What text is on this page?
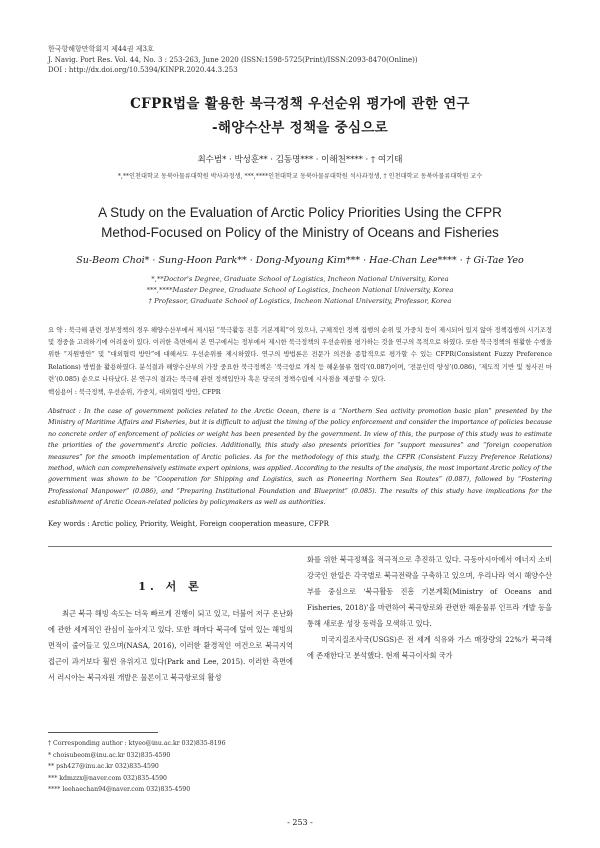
한국항해항만학회지 제44권 제3호
J. Navig. Port Res. Vol. 44, No. 3 : 253-263, June 2020 (ISSN:1598-5725(Print)/ISSN:2093-8470(Online))
DOI : http://dx.doi.org/10.5394/KINPR.2020.44.3.253
CFPR법을 활용한 북극정책 우선순위 평가에 관한 연구
-해양수산부 정책을 중심으로
최수범* · 박성훈** · 김동명*** · 이해천**** · † 여기태
*,**인천대학교 동북아물류대학원 박사과정생, ***,****인천대학교 동북아물류대학원 석사과정생, † 인천대학교 동북아물류대학원 교수
A Study on the Evaluation of Arctic Policy Priorities Using the CFPR
Method-Focused on Policy of the Ministry of Oceans and Fisheries
Su-Beom Choi* · Sung-Hoon Park** · Dong-Myoung Kim*** · Hae-Chan Lee**** · † Gi-Tae Yeo
*,**Doctor's Degree, Graduate School of Logistics, Incheon National University, Korea
***,****Master Degree, Graduate School of Logistics, Incheon National University, Korea
† Professor, Graduate School of Logistics, Incheon National University, Professor, Korea
요 약 : 북극해 관련 정부정책의 경우 해양수산부에서 제시된 “북극활동 진흥 기본계획”이 있으나, 구체적인 정책 집행의 순위 및 가중치 등이 제시되어 있지 않아 정책집행의 시기조정 및 경중을 고려하기에 어려움이 있다. 이러한 측면에서 본 연구에서는 정부에서 제시한 북극정책의 우선순위를 평가하는 것을 연구의 목적으로 하였다. 또한 북극정책의 원활한 수행을 위한 “지원방안” 및 “대외협력 방안”에 대해서도 우선순위를 제시하였다. 연구의 방법론은 전문가 의견을 종합적으로 평가할 수 있는 CFPR(Consistent Fuzzy Preference Relations) 방법을 활용하였다. 분석결과 해양수산부의 가장 중요한 북극정책은 ‘북극항로 개척 등 해운물류 협력’(0.087)이며, ‘전문인력 양성’(0.086), ‘제도적 기반 및 청사진 마련’(0.085) 순으로 나타났다. 본 연구의 결과는 북극해 관련 정책입안자 혹은 당국의 정책수립에 시사점을 제공할 수 있다.
핵심용어 : 북극정책, 우선순위, 가중치, 대외협력 방안, CFPR
Abstract : In the case of government policies related to the Arctic Ocean, there is a “Northern Sea activity promotion basic plan” presented by the Ministry of Maritime Affairs and Fisheries, but it is difficult to adjust the timing of the policy enforcement and consider the importance of policies because no concrete order of enforcement of policies or weight has been presented by the government. In view of this, the purpose of this study was to estimate the priorities of the government's Arctic policies. Additionally, this study also presents priorities for “support measures” and “foreign cooperation measures” for the smooth implementation of Arctic policies. As for the methodology of this study, the CFPR (Consistent Fuzzy Preference Relations) method, which can comprehensively estimate expert opinions, was applied. According to the results of the analysis, the most important Arctic policy of the government was shown to be “Cooperation for Shipping and Logistics, such as Pioneering Northern Sea Routes” (0.087), followed by “Fostering Professional Manpower” (0.086), and “Preparing Institutional Foundation and Blueprint” (0.085). The results of this study have implications for the establishment of Arctic Ocean-related policies by policymakers as well as authorities.
Key words : Arctic policy, Priority, Weight, Foreign cooperation measure, CFPR
1. 서 론
최근 북극 해빙 속도는 더욱 빠르게 진행이 되고 있고, 더불어 저구 온난화에 관한 세계적인 관심이 높아지고 있다. 또한 해마다 북극에 덮여 있는 해빙의 면적이 줄어들고 있으며(NASA, 2016), 이러한 환경적인 여건으로 북극지역 접근이 과거보다 훨씬 유위지고 있다(Park and Lee, 2015). 이러한 측면에서 러시아는 북극자원 개발은 물론이고 북극항로의 활성
화를 위한 북극정책을 적극적으로 추진하고 있다. 극동아시아에서 에너지 소비 강국인 한일은 각국별로 북극전략을 구축하고 있으며, 우리나라 역시 해양수산부를 중심으로 ‘북극활동 진흥 기본계획(Ministry of Oceans and Fisheries, 2018)’을 마련하여 북극항로와 관련한 해운물류 인프라 개발 등을 통해 새로운 성장 동력을 모색하고 있다.
미국지질조사국(USGS)은 전 세계 석유와 가스 매장량의 22%가 북극해에 존재한다고 분석했다. 현재 북극이사회 국가
† Corresponding author : ktyeo@inu.ac.kr 032)835-8196
* choisubeom@inu.ac.kr 032)835-4590
** psh427@inu.ac.kr 032)835-4590
*** kdmzzx@naver.com 032)835-4590
**** leehaechan94@naver.com 032)835-4590
- 253 -
